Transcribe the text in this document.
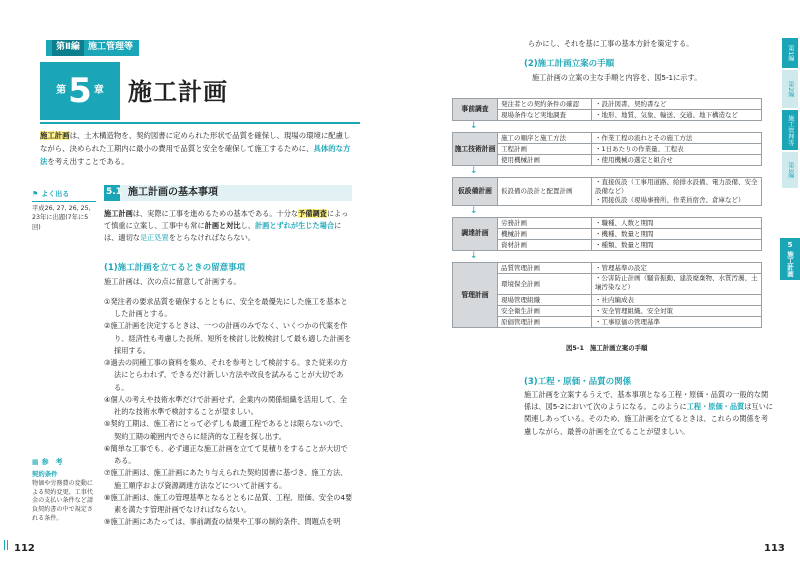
第Ⅱ編 施工管理等
第 5 章 施工計画
施工計画は、土木構造物を、契約図書に定められた形状で品質を確保し、現場の環境に配慮しながら、決められた工期内に最小の費用で品質と安全を確保して施工するために、具体的な方法を考え出すことである。
⚑ よく出る
平成26, 27, 26, 25, 23年に出題(7年に5回)
▦ 参　考
契約条件
物価や労務費の変動による契約変更、工事代金の支払い条件など請負契約書の中で規定される条件。
5.1 施工計画の基本事項
施工計画は、実際に工事を進めるための基本である。十分な予備調査によって慎重に立案し、工事中も常に計画と対比し、計画とずれが生じた場合には、適切な是正処置をとらなければならない。
(1)施工計画を立てるときの留意事項
施工計画は、次の点に留意して計画する。
①発注者の要求品質を確保するとともに、安全を最優先にした施工を基本とした計画とする。
②施工計画を決定するときは、一つの計画のみでなく、いくつかの代案を作り、経済性も考慮した長所、短所を検討し比較検討して最も適した計画を採用する。
③過去の同種工事の資料を集め、それを参考として検討する。また従来の方法にとらわれず、できるだけ新しい方法や改良を試みることが大切である。
④個人の考えや技術水準だけで計画せず、企業内の関係組織を活用して、全社的な技術水準で検討することが望ましい。
⑤契約工期は、施工者にとって必ずしも最適工程であるとは限らないので、契約工期の範囲内でさらに経済的な工程を探し出す。
⑥簡単な工事でも、必ず適正な施工計画を立てて見積りをすることが大切である。
⑦施工計画は、施工計画にあたり与えられた契約図書に基づき、施工方法、施工順序および資源調達方法などについて計画する。
⑧施工計画は、施工の管理基準となるとともに品質、工程、原価、安全の4要素を満たす管理計画でなければならない。
⑨施工計画にあたっては、事前調査の結果や工事の制約条件、問題点を明
112
らかにし、それを基に工事の基本方針を策定する。
(2)施工計画立案の手順
施工計画の立案の主な手順と内容を、図5-1に示す。
事前調査
発注者との契約条件の確認	・設計図書、契約書など
現場条件など実地調査	・地形、地質、気象、輸送、交通、地下構造など
↓
施工技術計画
施工の順序と施工方法	・作業工程の流れとその施工方法
工程計画	・1日あたりの作業量、工程表
使用機械計画	・使用機械の選定と組合せ
↓
仮設備計画	仮設備の設計と配置計画
・直接仮設（工事用道路、給排水設備、電力設備、安全設備など）
・間接仮設（現場事務所、作業員宿舎、倉庫など）
↓
調達計画
労務計画	・職種、人数と期間
機械計画	・機種、数量と期間
資材計画	・種類、数量と期間
↓
管理計画
品質管理計画	・管理基準の設定
環境保全計画
・公害防止計画（騒音振動、建設廃棄物、水質汚濁、土壌汚染など）
現場管理組織	・社内編成表
安全衛生計画	・安全管理組織、安全対策
原価管理計画	・工事原価の管理基準
図5-1 施工計画立案の手順
(3)工程・原価・品質の関係
施工計画を立案するうえで、基本事項となる工程・原価・品質の一般的な関係は、図5-2において次のようになる。このように工程・原価・品質は互いに関連しあっている。そのため、施工計画を立てるときは、これらの関係を考慮しながら、最善の計画を立てることが望ましい。
第1編
第2編
施工管理等
第3編
5
施工計画
113
